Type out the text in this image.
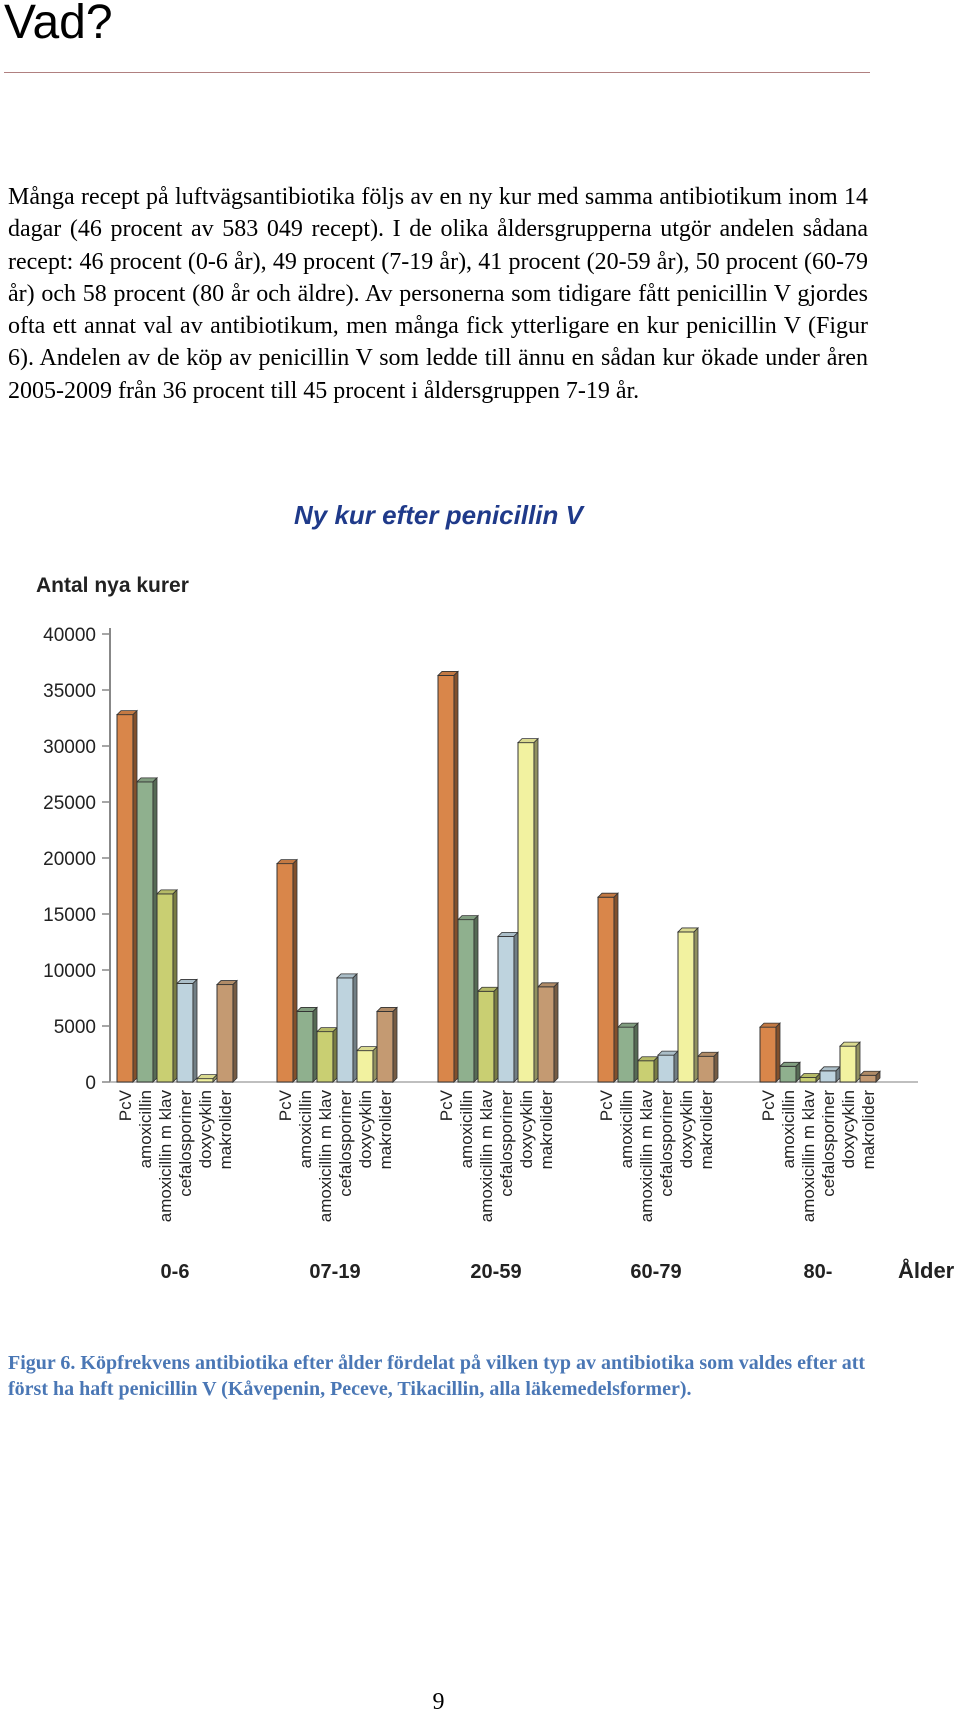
Vad?

Många recept på luftvägsantibiotika följs av en ny kur med samma antibiotikum inom 14 dagar (46 procent av 583 049 recept). I de olika åldersgrupperna utgör andelen sådana recept: 46 procent (0-6 år), 49 procent (7-19 år), 41 procent (20-59 år), 50 procent (60-79 år) och 58 procent (80 år och äldre). Av personerna som tidigare fått penicillin V gjordes ofta ett annat val av antibiotikum, men många fick ytterligare en kur penicillin V (Figur 6). Andelen av de köp av penicillin V som ledde till ännu en sådan kur ökade under åren 2005-2009 från 36 procent till 45 procent i åldersgruppen 7-19 år.

Ny kur efter penicillin V

Antal nya kurer
Ålder
0
5000
10000
15000
20000
25000
30000
35000
40000
PcV amoxicillin amoxicillin m klav cefalosporiner doxycyklin makrolider
0-6
PcV amoxicillin amoxicillin m klav cefalosporiner doxycyklin makrolider
07-19
PcV amoxicillin amoxicillin m klav cefalosporiner doxycyklin makrolider
20-59
PcV amoxicillin amoxicillin m klav cefalosporiner doxycyklin makrolider
60-79
PcV amoxicillin amoxicillin m klav cefalosporiner doxycyklin makrolider
80-

Figur 6. Köpfrekvens antibiotika efter ålder fördelat på vilken typ av antibiotika som valdes efter att först ha haft penicillin V (Kåvepenin, Peceve, Tikacillin, alla läkemedelsformer).

9
